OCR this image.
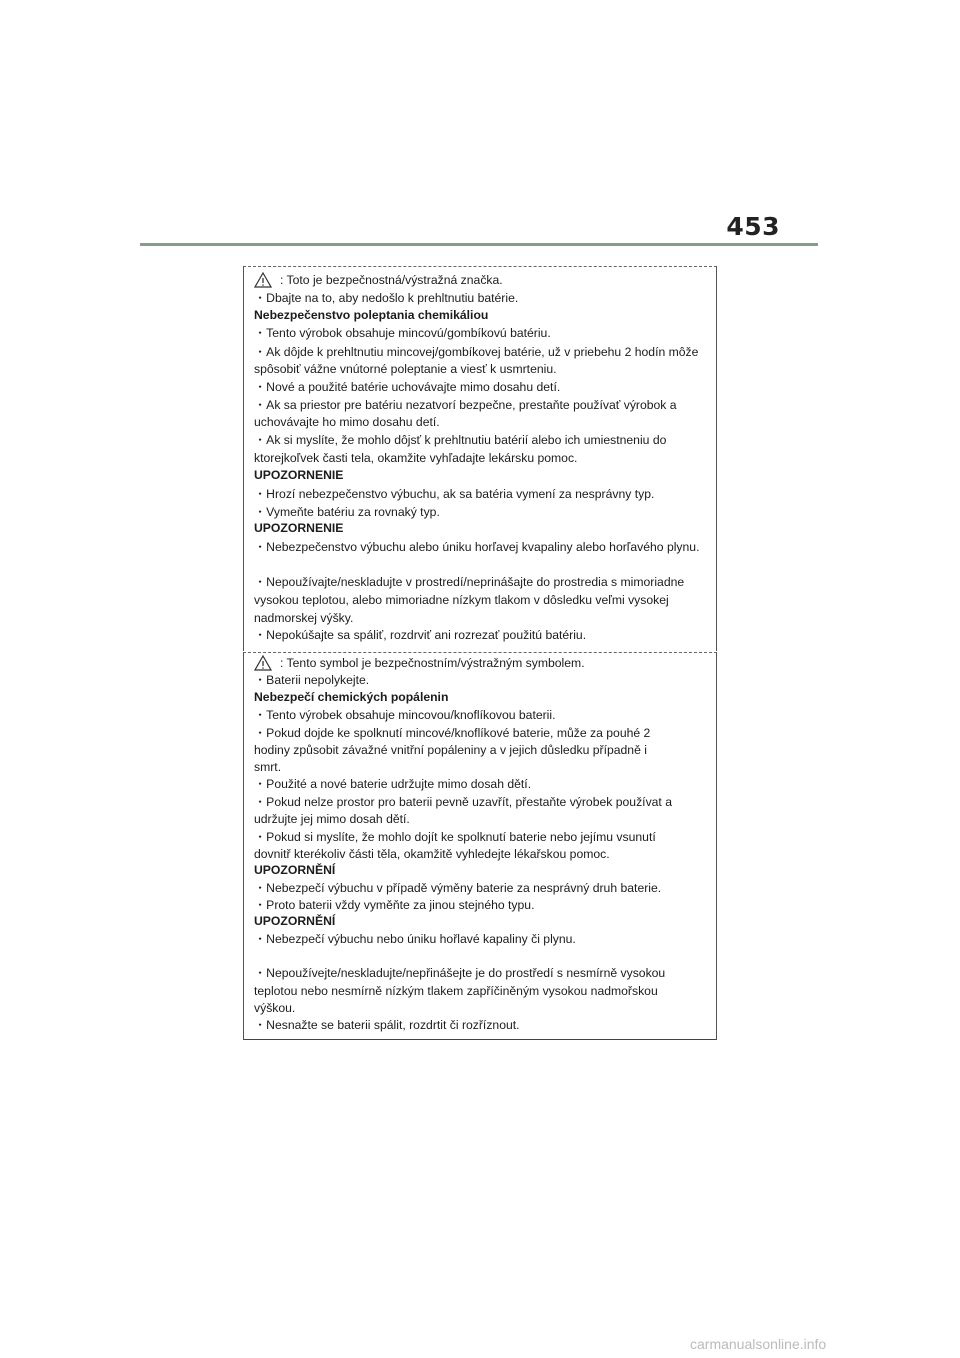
453
: Toto je bezpečnostná/výstražná značka.
・Dbajte na to, aby nedošlo k prehltnutiu batérie.
Nebezpečenstvo poleptania chemikáliou
・Tento výrobok obsahuje mincovú/gombíkovú batériu.
・Ak dôjde k prehltnutiu mincovej/gombíkovej batérie, už v priebehu 2 hodín môže
spôsobiť vážne vnútorné poleptanie a viesť k usmrteniu.
・Nové a použité batérie uchovávajte mimo dosahu detí.
・Ak sa priestor pre batériu nezatvorí bezpečne, prestaňte používať výrobok a
uchovávajte ho mimo dosahu detí.
・Ak si myslíte, že mohlo dôjsť k prehltnutiu batérií alebo ich umiestneniu do
ktorejkoľvek časti tela, okamžite vyhľadajte lekársku pomoc.
UPOZORNENIE
・Hrozí nebezpečenstvo výbuchu, ak sa batéria vymení za nesprávny typ.
・Vymeňte batériu za rovnaký typ.
UPOZORNENIE
・Nebezpečenstvo výbuchu alebo úniku horľavej kvapaliny alebo horľavého plynu.
・Nepoužívajte/neskladujte v prostredí/neprinášajte do prostredia s mimoriadne
vysokou teplotou, alebo mimoriadne nízkym tlakom v dôsledku veľmi vysokej
nadmorskej výšky.
・Nepokúšajte sa spáliť, rozdrviť ani rozrezať použitú batériu.
: Tento symbol je bezpečnostním/výstražným symbolem.
・Baterii nepolykejte.
Nebezpečí chemických popálenin
・Tento výrobek obsahuje mincovou/knoflíkovou baterii.
・Pokud dojde ke spolknutí mincové/knoflíkové baterie, může za pouhé 2
hodiny způsobit závažné vnitřní popáleniny a v jejich důsledku případně i
smrt.
・Použité a nové baterie udržujte mimo dosah dětí.
・Pokud nelze prostor pro baterii pevně uzavřít, přestaňte výrobek používat a
udržujte jej mimo dosah dětí.
・Pokud si myslíte, že mohlo dojít ke spolknutí baterie nebo jejímu vsunutí
dovnitř kterékoliv části těla, okamžitě vyhledejte lékařskou pomoc.
UPOZORNĚNÍ
・Nebezpečí výbuchu v případě výměny baterie za nesprávný druh baterie.
・Proto baterii vždy vyměňte za jinou stejného typu.
UPOZORNĚNÍ
・Nebezpečí výbuchu nebo úniku hořlavé kapaliny či plynu.
・Nepoužívejte/neskladujte/nepřinášejte je do prostředí s nesmírně vysokou
teplotou nebo nesmírně nízkým tlakem zapříčiněným vysokou nadmořskou
výškou.
・Nesnažte se baterii spálit, rozdrtit či rozříznout.
carmanualsonline.info
